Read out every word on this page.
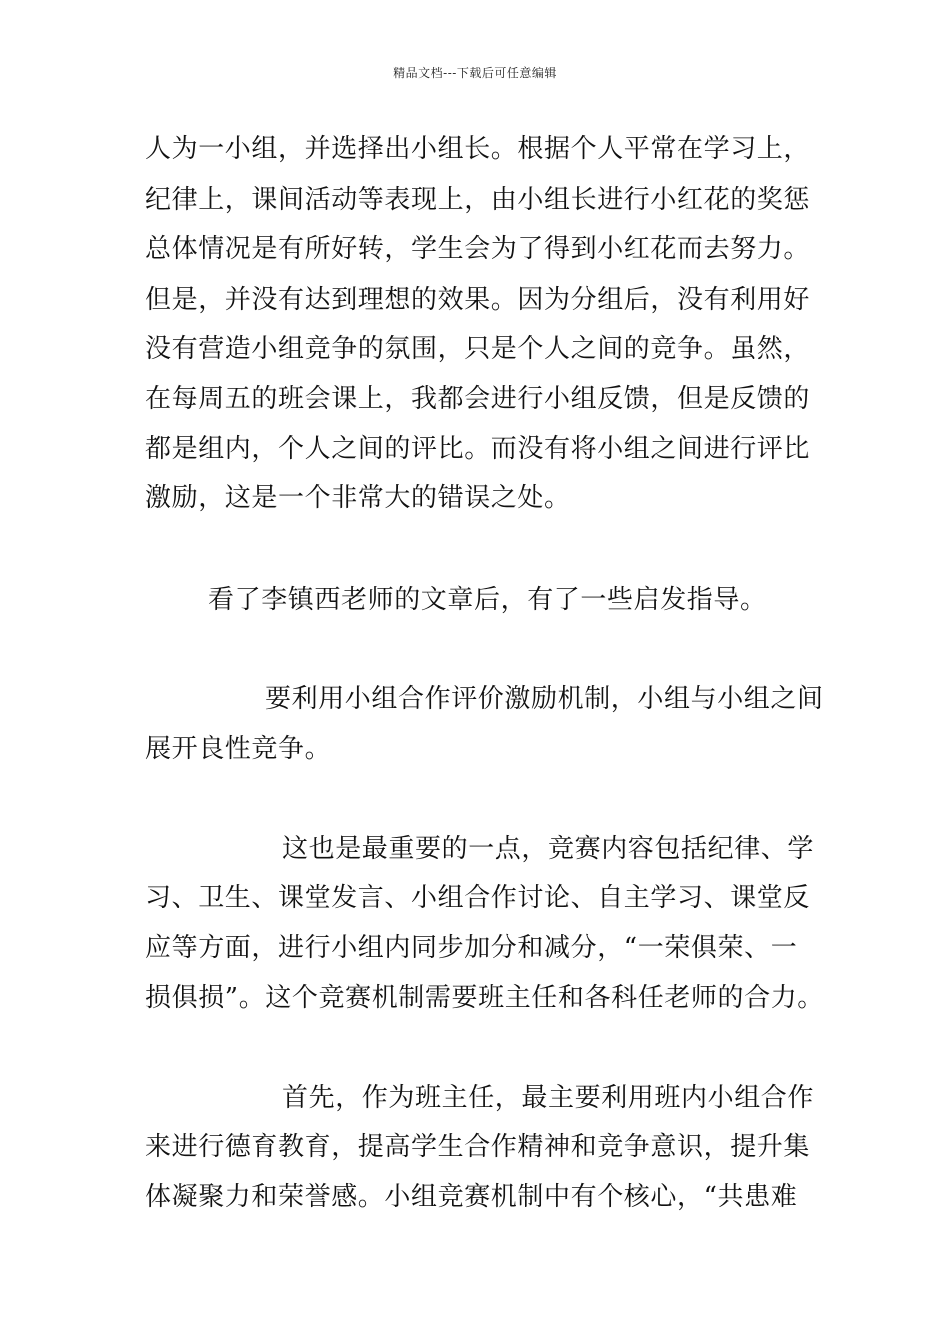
精品文档---下载后可任意编辑
人为一小组，并选择出小组长。根据个人平常在学习上，
纪律上，课间活动等表现上，由小组长进行小红花的奖惩
总体情况是有所好转，学生会为了得到小红花而去努力。
但是，并没有达到理想的效果。因为分组后，没有利用好
没有营造小组竞争的氛围，只是个人之间的竞争。虽然，
在每周五的班会课上，我都会进行小组反馈，但是反馈的
都是组内，个人之间的评比。而没有将小组之间进行评比
激励，这是一个非常大的错误之处。
看了李镇西老师的文章后，有了一些启发指导。
要利用小组合作评价激励机制，小组与小组之间
展开良性竞争。
这也是最重要的一点，竞赛内容包括纪律、学
习、卫生、课堂发言、小组合作讨论、自主学习、课堂反
应等方面，进行小组内同步加分和减分，“一荣俱荣、一
损俱损”。这个竞赛机制需要班主任和各科任老师的合力。
首先，作为班主任，最主要利用班内小组合作
来进行德育教育，提高学生合作精神和竞争意识，提升集
体凝聚力和荣誉感。小组竞赛机制中有个核心，“共患难
